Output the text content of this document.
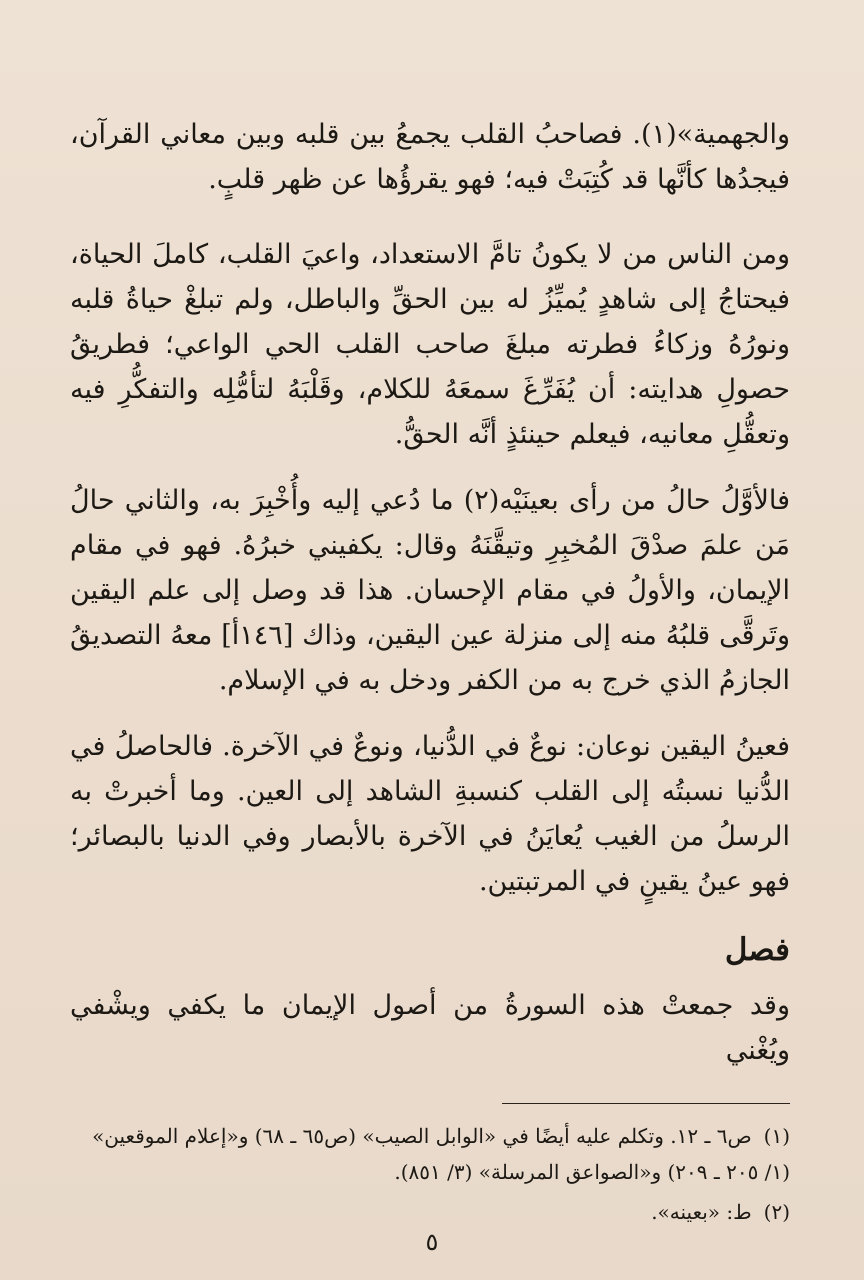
والجهمية»(١). فصاحبُ القلب يجمعُ بين قلبه وبين معاني القرآن، فيجدُها كأنَّها قد كُتِبَتْ فيه؛ فهو يقرؤُها عن ظهر قلبٍ.

ومن الناس من لا يكونُ تامَّ الاستعداد، واعيَ القلب، كاملَ الحياة، فيحتاجُ إلى شاهدٍ يُميِّزُ له بين الحقِّ والباطل، ولم تبلغْ حياةُ قلبه ونورُهُ وزكاءُ فطرته مبلغَ صاحب القلب الحي الواعي؛ فطريقُ حصولِ هدايته: أن يُفَرِّغَ سمعَهُ للكلام، وقَلْبَهُ لتأمُّلِه والتفكُّرِ فيه وتعقُّلِ معانيه، فيعلم حينئذٍ أنَّه الحقُّ.

فالأوَّلُ حالُ من رأى بعينَيْه(٢) ما دُعي إليه وأُخْبِرَ به، والثاني حالُ مَن علمَ صدْقَ المُخبِرِ وتيقَّنَهُ وقال: يكفيني خبرُهُ. فهو في مقام الإيمان، والأولُ في مقام الإحسان. هذا قد وصل إلى علم اليقين وتَرقَّى قلبُهُ منه إلى منزلة عين اليقين، وذاك [١٤٦أ] معهُ التصديقُ الجازمُ الذي خرج به من الكفر ودخل به في الإسلام.

فعينُ اليقين نوعان: نوعٌ في الدُّنيا، ونوعٌ في الآخرة. فالحاصلُ في الدُّنيا نسبتُه إلى القلب كنسبةِ الشاهد إلى العين. وما أخبرتْ به الرسلُ من الغيب يُعايَنُ في الآخرة بالأبصار وفي الدنيا بالبصائر؛ فهو عينُ يقينٍ في المرتبتين.

فصل

وقد جمعتْ هذه السورةُ من أصول الإيمان ما يكفي ويشْفي ويُغْني

(١)ص٦ ـ ١٢. وتكلم عليه أيضًا في «الوابل الصيب» (ص٦٥ ـ ٦٨) و«إعلام الموقعين» (١/ ٢٠٥ ـ ٢٠٩) و«الصواعق المرسلة» (٣/ ٨٥١).

(٢)ط: «بعينه».

٥
